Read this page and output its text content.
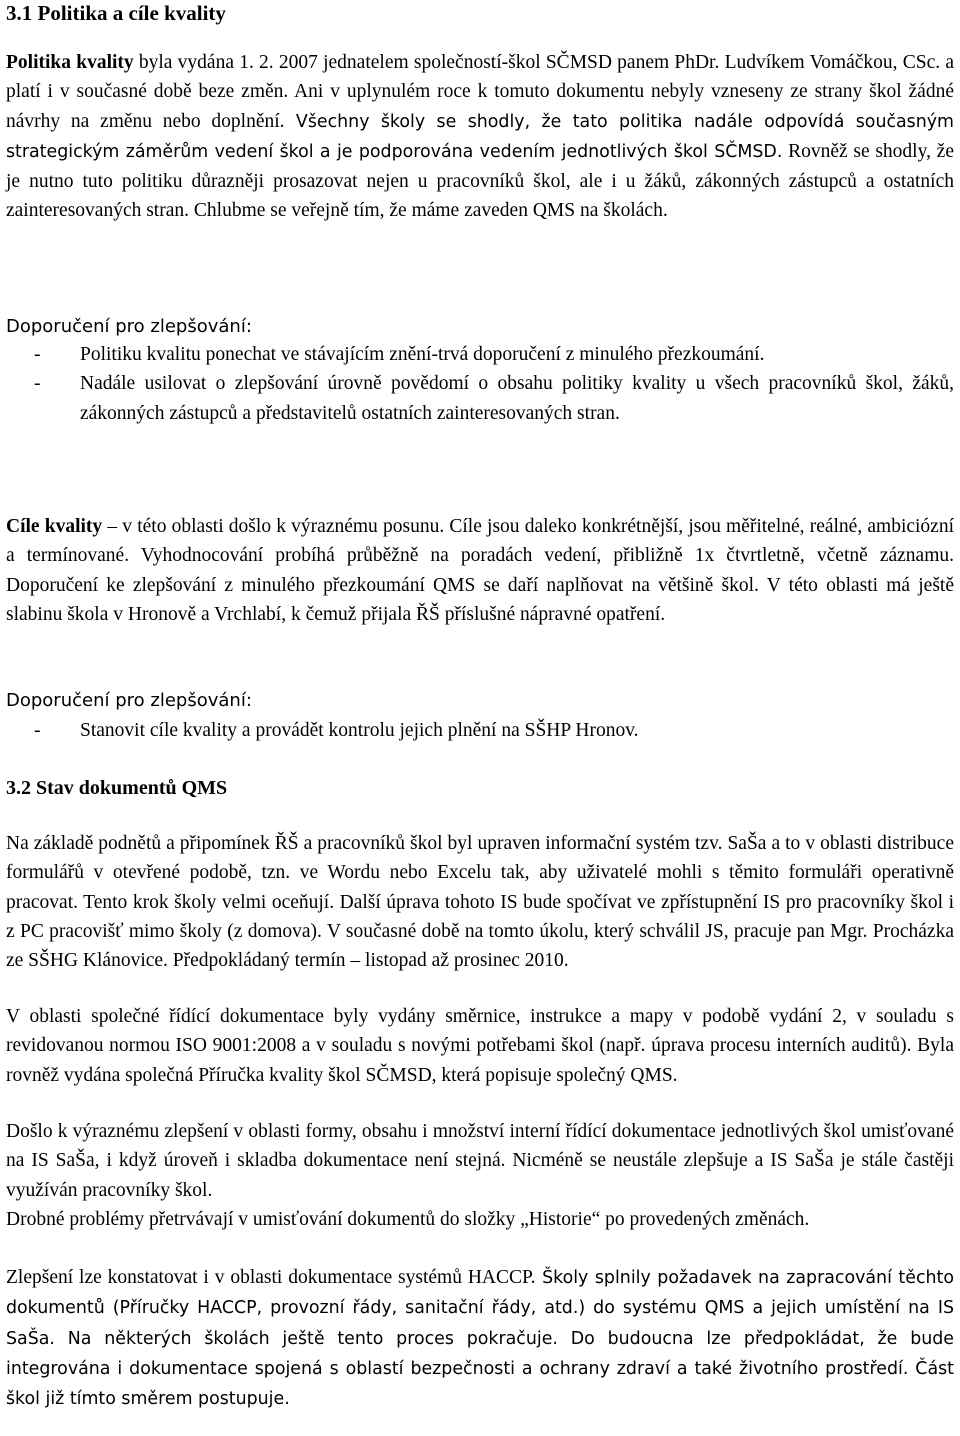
3.1 Politika a cíle kvality
Politika kvality byla vydána 1. 2. 2007 jednatelem společností-škol SČMSD panem PhDr. Ludvíkem Vomáčkou, CSc. a platí i v současné době beze změn. Ani v uplynulém roce k tomuto dokumentu nebyly vzneseny ze strany škol žádné návrhy na změnu nebo doplnění. Všechny školy se shodly, že tato politika nadále odpovídá současným strategickým záměrům vedení škol a je podporována vedením jednotlivých škol SČMSD. Rovněž se shodly, že je nutno tuto politiku důrazněji prosazovat nejen u pracovníků škol, ale i u žáků, zákonných zástupců a ostatních zainteresovaných stran. Chlubme se veřejně tím, že máme zaveden QMS na školách.
Doporučení pro zlepšování:
- Politiku kvalitu ponechat ve stávajícím znění-trvá doporučení z minulého přezkoumání.
- Nadále usilovat o zlepšování úrovně povědomí o obsahu politiky kvality u všech pracovníků škol, žáků, zákonných zástupců a představitelů ostatních zainteresovaných stran.
Cíle kvality – v této oblasti došlo k výraznému posunu. Cíle jsou daleko konkrétnější, jsou měřitelné, reálné, ambiciózní a termínované. Vyhodnocování probíhá průběžně na poradách vedení, přibližně 1x čtvrtletně, včetně záznamu. Doporučení ke zlepšování z minulého přezkoumání QMS se daří naplňovat na většině škol. V této oblasti má ještě slabinu škola v Hronově a Vrchlabí, k čemuž přijala ŘŠ příslušné nápravné opatření.
Doporučení pro zlepšování:
- Stanovit cíle kvality a provádět kontrolu jejich plnění na SŠHP Hronov.
3.2 Stav dokumentů QMS
Na základě podnětů a připomínek ŘŠ a pracovníků škol byl upraven informační systém tzv. SaŠa a to v oblasti distribuce formulářů v otevřené podobě, tzn. ve Wordu nebo Excelu tak, aby uživatelé mohli s těmito formuláři operativně pracovat. Tento krok školy velmi oceňují. Další úprava tohoto IS bude spočívat ve zpřístupnění IS pro pracovníky škol i z PC pracovišť mimo školy (z domova). V současné době na tomto úkolu, který schválil JS, pracuje pan Mgr. Procházka ze SŠHG Klánovice. Předpokládaný termín – listopad až prosinec 2010.
V oblasti společné řídící dokumentace byly vydány směrnice, instrukce a mapy v podobě vydání 2, v souladu s revidovanou normou ISO 9001:2008 a v souladu s novými potřebami škol (např. úprava procesu interních auditů). Byla rovněž vydána společná Příručka kvality škol SČMSD, která popisuje společný QMS.
Došlo k výraznému zlepšení v oblasti formy, obsahu i množství interní řídící dokumentace jednotlivých škol umisťované na IS SaŠa, i když úroveň i skladba dokumentace není stejná. Nicméně se neustále zlepšuje a IS SaŠa je stále častěji využíván pracovníky škol.
Drobné problémy přetrvávají v umisťování dokumentů do složky „Historie“ po provedených změnách.
Zlepšení lze konstatovat i v oblasti dokumentace systémů HACCP. Školy splnily požadavek na zapracování těchto dokumentů (Příručky HACCP, provozní řády, sanitační řády, atd.) do systému QMS a jejich umístění na IS SaŠa. Na některých školách ještě tento proces pokračuje. Do budoucna lze předpokládat, že bude integrována i dokumentace spojená s oblastí bezpečnosti a ochrany zdraví a také životního prostředí. Část škol již tímto směrem postupuje.
